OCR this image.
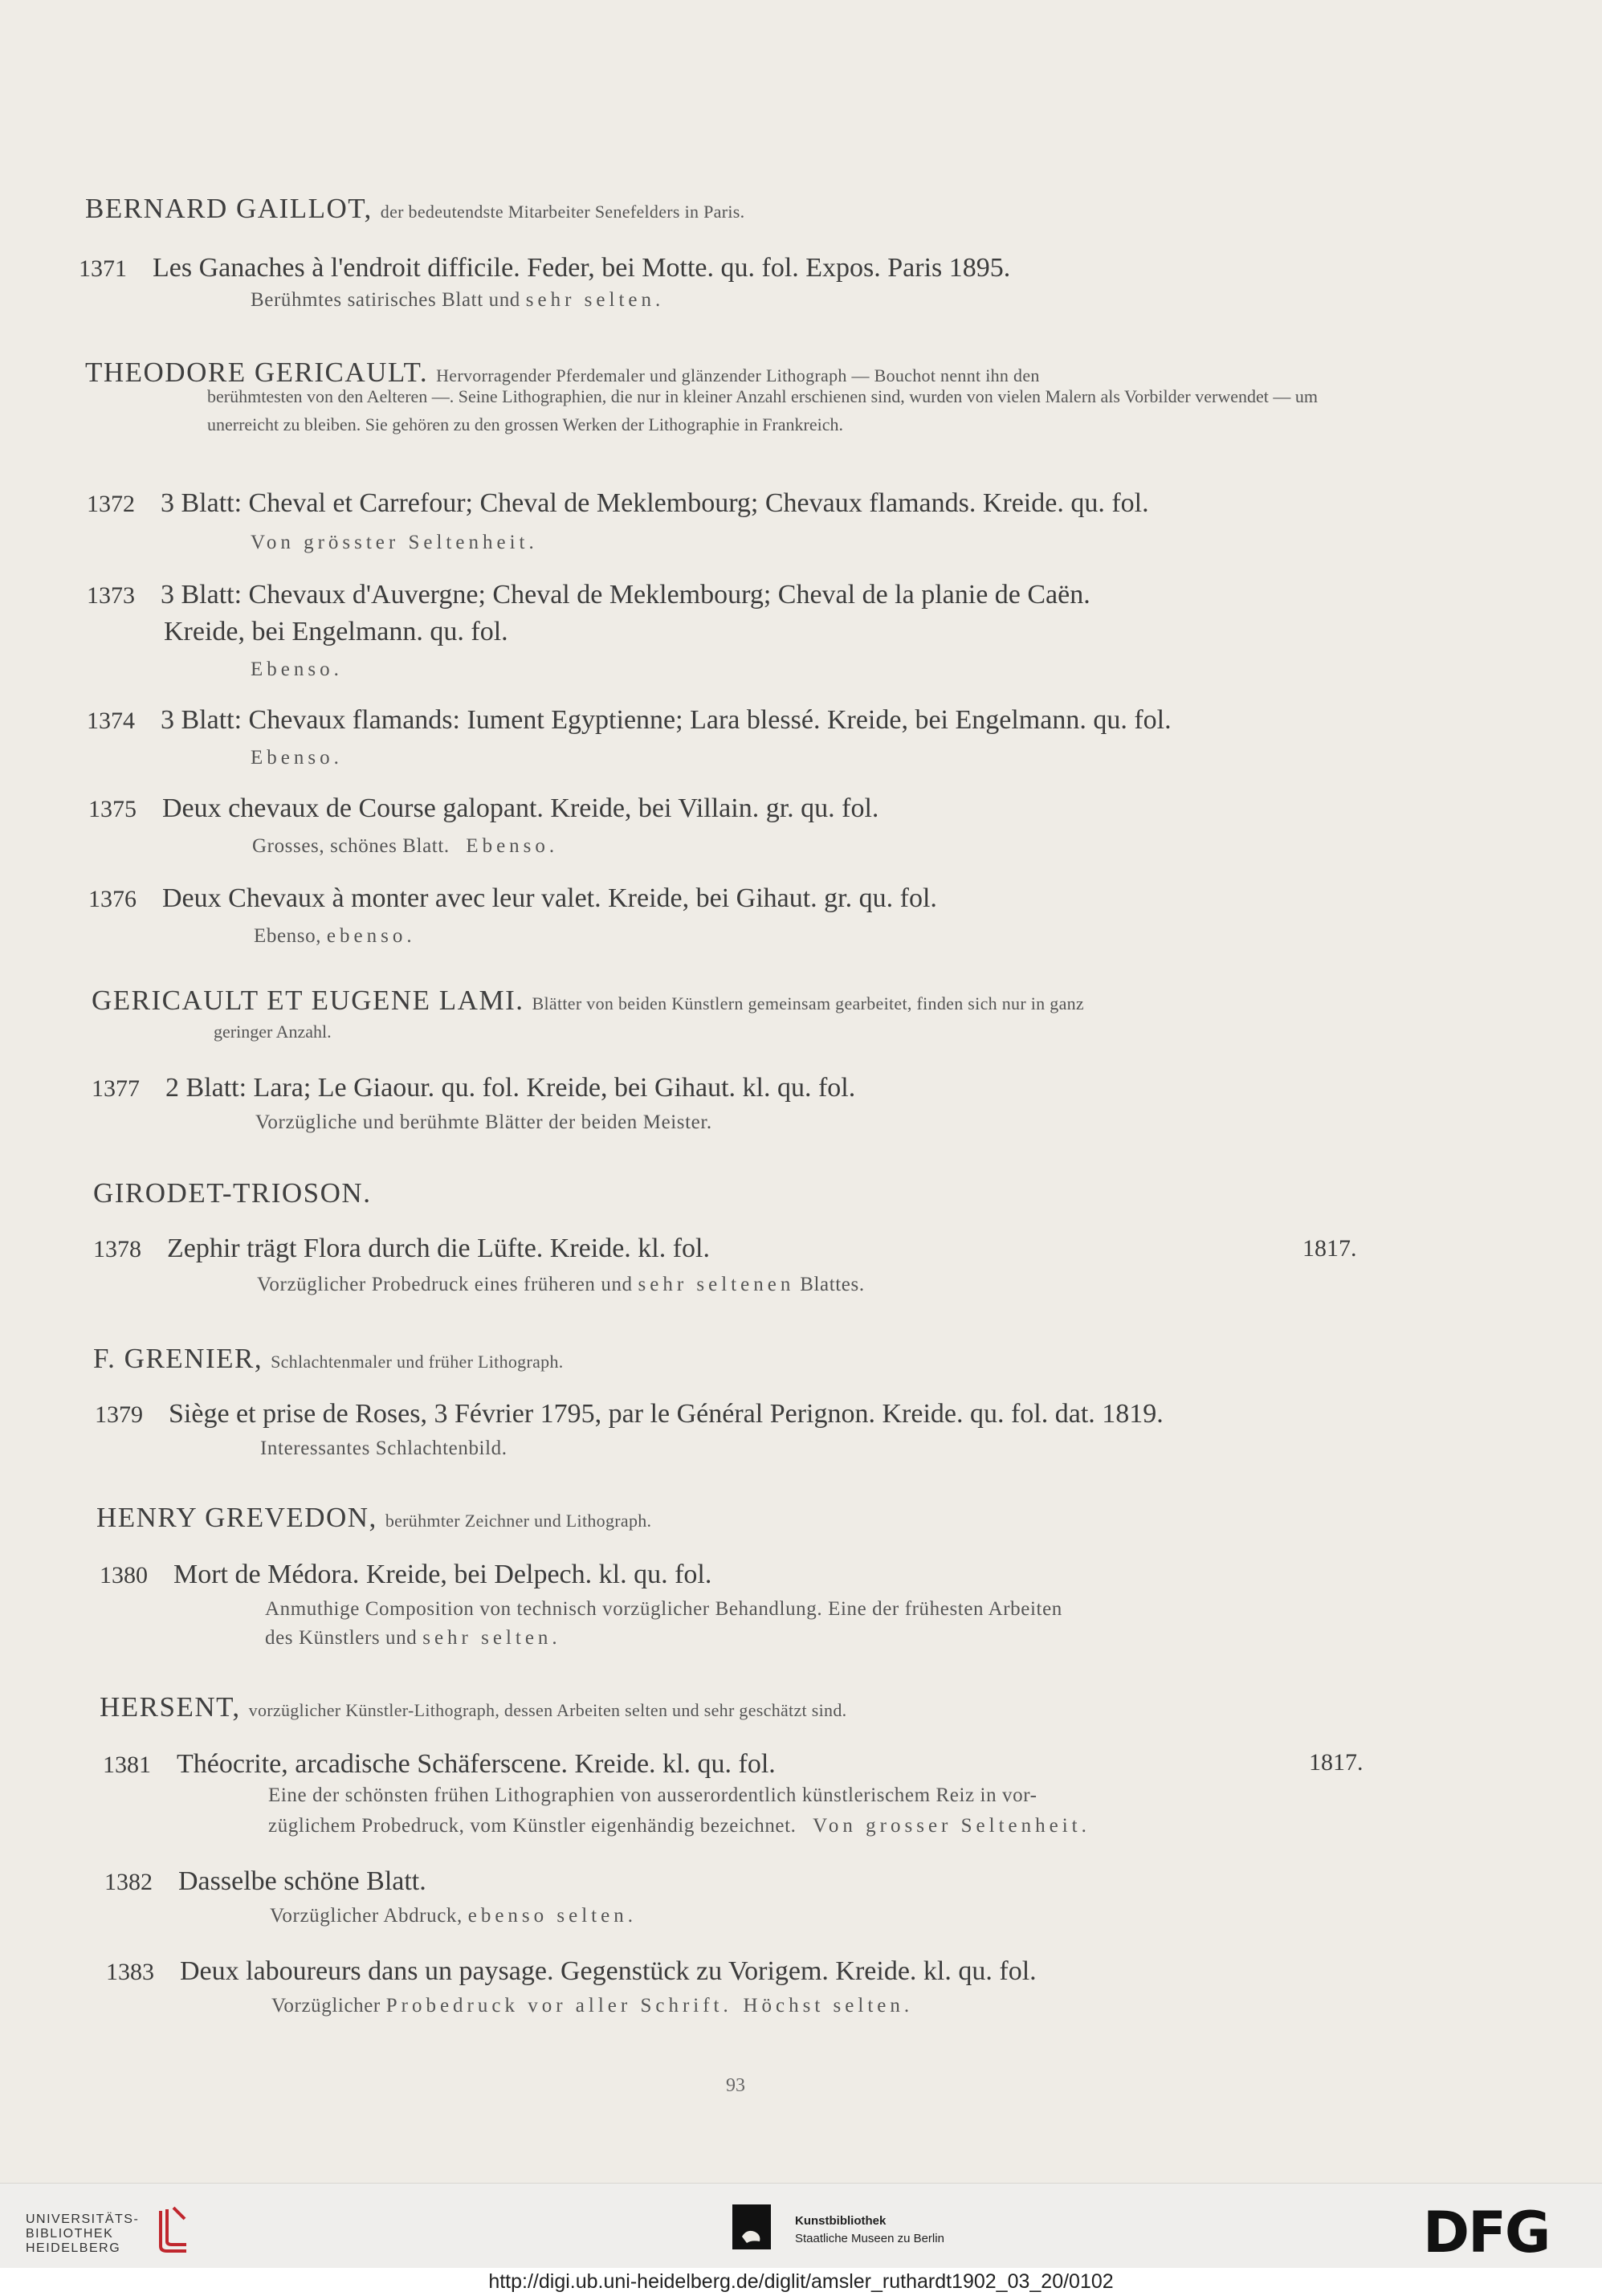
BERNARD GAILLOT, der bedeutendste Mitarbeiter Senefelders in Paris.
1371 Les Ganaches à l'endroit difficile. Feder, bei Motte. qu. fol. Expos. Paris 1895.
Berühmtes satirisches Blatt und sehr selten.
THEODORE GERICAULT. Hervorragender Pferdemaler und glänzender Lithograph — Bouchot nennt ihn den
berühmtesten von den Aelteren —. Seine Lithographien, die nur in kleiner Anzahl erschienen sind, wurden von vielen Malern als Vorbilder verwendet — um unerreicht zu bleiben. Sie gehören zu den grossen Werken der Lithographie in Frankreich.
1372 3 Blatt: Cheval et Carrefour; Cheval de Meklembourg; Chevaux flamands. Kreide. qu. fol.
Von grösster Seltenheit.
1373 3 Blatt: Chevaux d'Auvergne; Cheval de Meklembourg; Cheval de la planie de Caën.
Kreide, bei Engelmann. qu. fol.
Ebenso.
1374 3 Blatt: Chevaux flamands: Iument Egyptienne; Lara blessé. Kreide, bei Engelmann. qu. fol.
Ebenso.
1375 Deux chevaux de Course galopant. Kreide, bei Villain. gr. qu. fol.
Grosses, schönes Blatt. Ebenso.
1376 Deux Chevaux à monter avec leur valet. Kreide, bei Gihaut. gr. qu. fol.
Ebenso, ebenso.
GERICAULT ET EUGENE LAMI. Blätter von beiden Künstlern gemeinsam gearbeitet, finden sich nur in ganz
geringer Anzahl.
1377 2 Blatt: Lara; Le Giaour. qu. fol. Kreide, bei Gihaut. kl. qu. fol.
Vorzügliche und berühmte Blätter der beiden Meister.
GIRODET-TRIOSON.
1378 Zephir trägt Flora durch die Lüfte. Kreide. kl. fol.	1817.
Vorzüglicher Probedruck eines früheren und sehr seltenen Blattes.
F. GRENIER, Schlachtenmaler und früher Lithograph.
1379 Siège et prise de Roses, 3 Février 1795, par le Général Perignon. Kreide. qu. fol. dat. 1819.
Interessantes Schlachtenbild.
HENRY GREVEDON, berühmter Zeichner und Lithograph.
1380 Mort de Médora. Kreide, bei Delpech. kl. qu. fol.
Anmuthige Composition von technisch vorzüglicher Behandlung. Eine der frühesten Arbeiten
des Künstlers und sehr selten.
HERSENT, vorzüglicher Künstler-Lithograph, dessen Arbeiten selten und sehr geschätzt sind.
1381 Théocrite, arcadische Schäferscene. Kreide. kl. qu. fol.	1817.
Eine der schönsten frühen Lithographien von ausserordentlich künstlerischem Reiz in vor-
züglichem Probedruck, vom Künstler eigenhändig bezeichnet. Von grosser Seltenheit.
1382 Dasselbe schöne Blatt.
Vorzüglicher Abdruck, ebenso selten.
1383 Deux laboureurs dans un paysage. Gegenstück zu Vorigem. Kreide. kl. qu. fol.
Vorzüglicher Probedruck vor aller Schrift. Höchst selten.
93
UNIVERSITÄTS-
BIBLIOTHEK
HEIDELBERG
Kunstbibliothek
Staatliche Museen zu Berlin	DFG
http://digi.ub.uni-heidelberg.de/diglit/amsler_ruthardt1902_03_20/0102
